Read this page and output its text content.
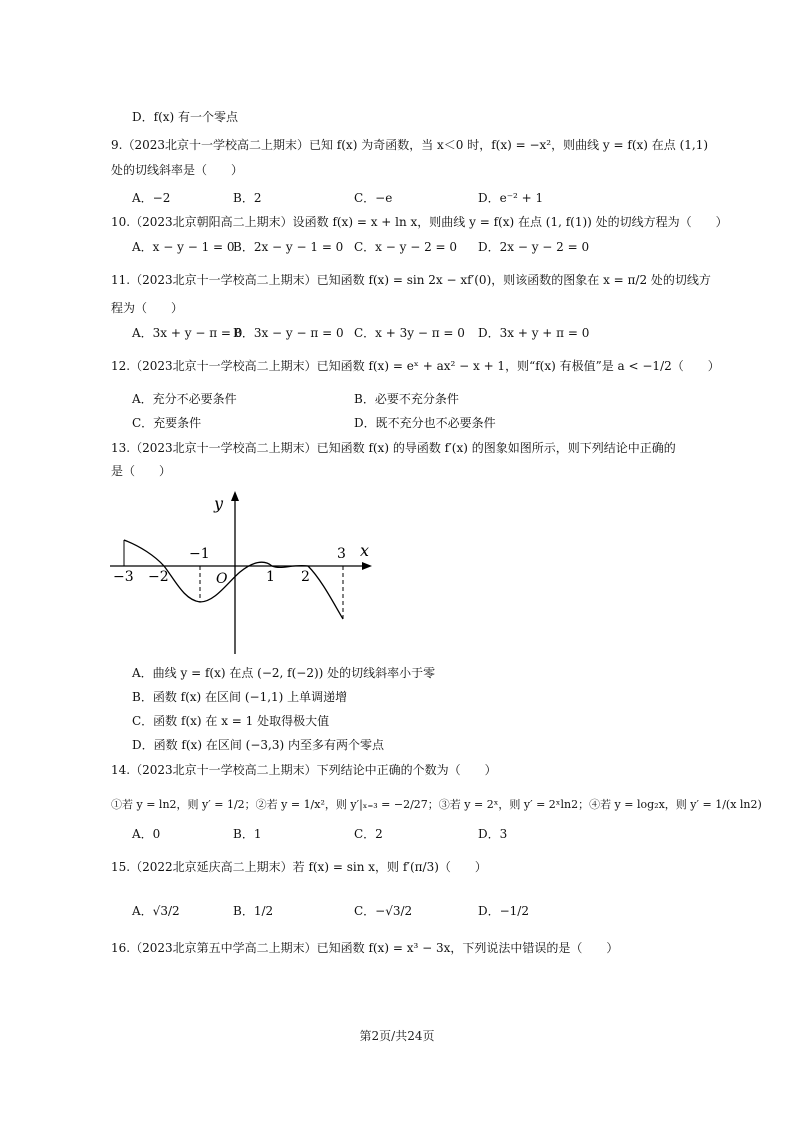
D．f(x) 有一个零点
9.（2023北京十一学校高二上期末）已知 f(x) 为奇函数，当 x＜0 时，f(x) = −x²，则曲线 y = f(x) 在点 (1,1)
处的切线斜率是（　　）
A．−2	B．2	C．−e	D．e⁻² + 1
10.（2023北京朝阳高二上期末）设函数 f(x) = x + ln x，则曲线 y = f(x) 在点 (1, f(1)) 处的切线方程为（　　）
A．x − y − 1 = 0
B．2x − y − 1 = 0 C．x − y − 2 = 0 D．2x − y − 2 = 0
11.（2023北京十一学校高二上期末）已知函数 f(x) = sin 2x − xf′(0)，则该函数的图象在 x = π/2 处的切线方
程为（　　）
A．3x + y − π = 0
B．3x − y − π = 0 C．x + 3y − π = 0 D．3x + y + π = 0
12.（2023北京十一学校高二上期末）已知函数 f(x) = eˣ + ax² − x + 1，则“f(x) 有极值”是 a < −1/2（　　）
A．充分不必要条件	B．必要不充分条件
C．充要条件	D．既不充分也不必要条件
13.（2023北京十一学校高二上期末）已知函数 f(x) 的导函数 f′(x) 的图象如图所示，则下列结论中正确的
是（　　）
y
x
O
−3 −2
−1
1 2
3
A．曲线 y = f(x) 在点 (−2, f(−2)) 处的切线斜率小于零
B．函数 f(x) 在区间 (−1,1) 上单调递增
C．函数 f(x) 在 x = 1 处取得极大值
D．函数 f(x) 在区间 (−3,3) 内至多有两个零点
14.（2023北京十一学校高二上期末）下列结论中正确的个数为（　　）
①若 y = ln2，则 y′ = 1/2；②若 y = 1/x²，则 y′|ₓ₌₃ = −2/27；③若 y = 2ˣ，则 y′ = 2ˣln2；④若 y = log₂x，则 y′ = 1/(x ln2)
A．0	B．1	C．2	D．3
15.（2022北京延庆高二上期末）若 f(x) = sin x，则 f′(π/3)（　　）
A．√3/2	B．1/2	C．−√3/2	D．−1/2
16.（2023北京第五中学高二上期末）已知函数 f(x) = x³ − 3x，下列说法中错误的是（　　）
第2页/共24页
